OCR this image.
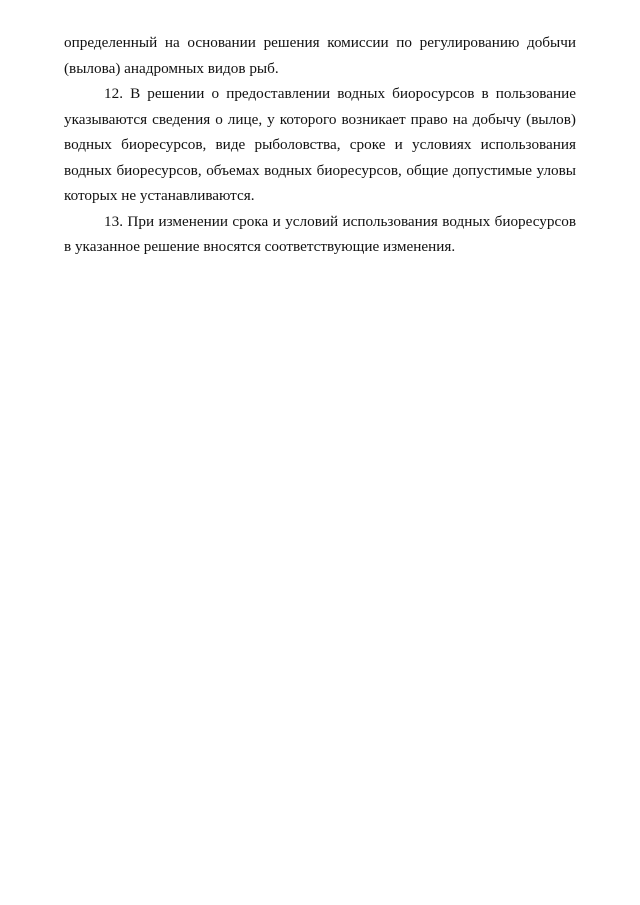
определенный на основании решения комиссии по регулированию добычи
(вылова) анадромных видов рыб.
12. В решении о предоставлении водных биоросурсов в пользование
указываются сведения о лице, у которого возникает право на добычу (вылов)
водных биоресурсов, виде рыболовства, сроке и условиях использования
водных биоресурсов, объемах водных биоресурсов, общие допустимые уловы
которых не устанавливаются.
13. При изменении срока и условий использования водных биоресурсов
в указанное решение вносятся соответствующие изменения.
